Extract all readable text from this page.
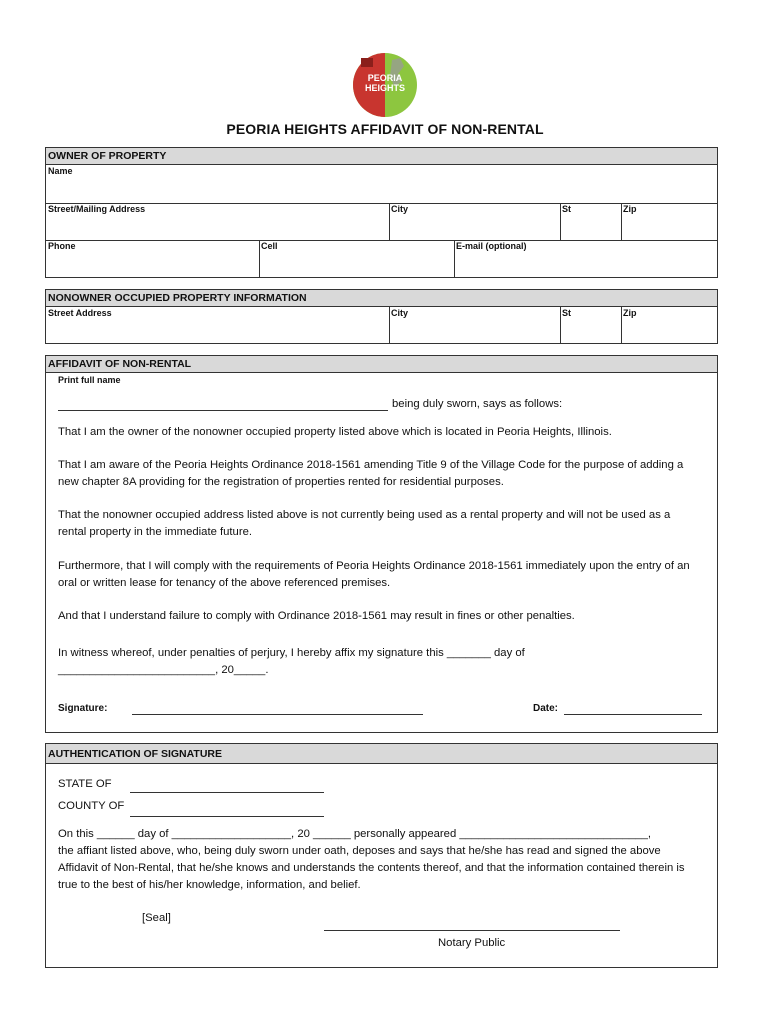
PEORIA
HEIGHTS
PEORIA HEIGHTS AFFIDAVIT OF NON-RENTAL
OWNER OF PROPERTY
Name
Street/Mailing Address	City	St	Zip
Phone	Cell	E-mail (optional)
NONOWNER OCCUPIED PROPERTY INFORMATION
Street Address	City	St	Zip
AFFIDAVIT OF NON-RENTAL
Print full name
being duly sworn, says as follows:
That I am the owner of the nonowner occupied property listed above which is located in Peoria Heights, Illinois.
That I am aware of the Peoria Heights Ordinance 2018-1561 amending Title 9 of the Village Code for the purpose of adding a
new chapter 8A providing for the registration of properties rented for residential purposes.
That the nonowner occupied address listed above is not currently being used as a rental property and will not be used as a
rental property in the immediate future.
Furthermore, that I will comply with the requirements of Peoria Heights Ordinance 2018-1561 immediately upon the entry of an
oral or written lease for tenancy of the above referenced premises.
And that I understand failure to comply with Ordinance 2018-1561 may result in fines or other penalties.
In witness whereof, under penalties of perjury, I hereby affix my signature this _______ day of
_________________________, 20_____.
Signature:	Date:
AUTHENTICATION OF SIGNATURE
STATE OF
COUNTY OF
On this ______ day of ___________________, 20 ______ personally appeared ______________________________,
the affiant listed above, who, being duly sworn under oath, deposes and says that he/she has read and signed the above
Affidavit of Non-Rental, that he/she knows and understands the contents thereof, and that the information contained therein is
true to the best of his/her knowledge, information, and belief.
[Seal]
Notary Public
